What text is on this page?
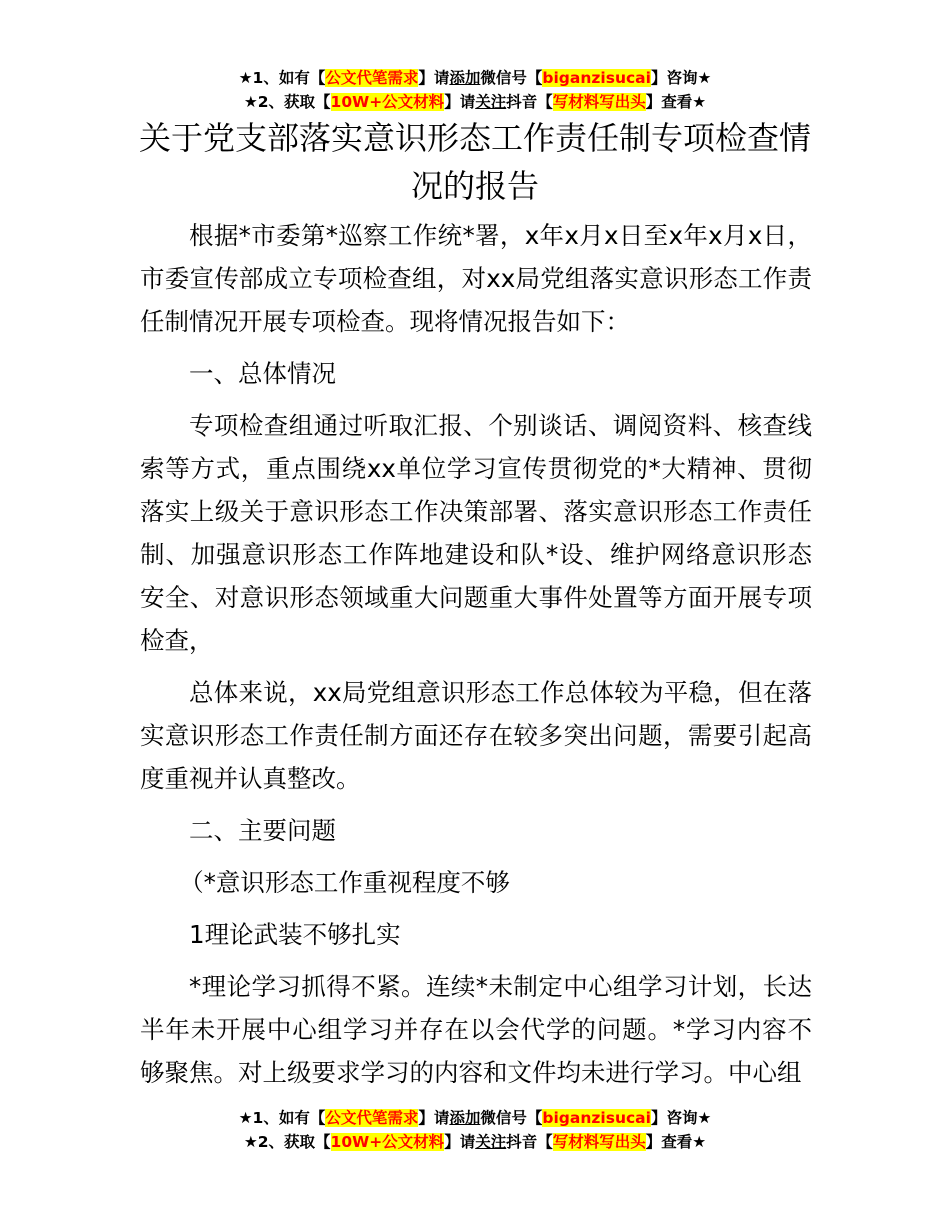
★1、如有【公文代笔需求】请添加微信号【biganzisucai】咨询★
★2、获取【10W+公文材料】请关注抖音【写材料写出头】查看★
关于党支部落实意识形态工作责任制专项检查情况的报告

根据*市委第*巡察工作统*署，x年x月x日至x年x月x日，市委宣传部成立专项检查组，对xx局党组落实意识形态工作责任制情况开展专项检查。现将情况报告如下：

一、总体情况

专项检查组通过听取汇报、个别谈话、调阅资料、核查线索等方式，重点围绕xx单位学习宣传贯彻党的*大精神、贯彻落实上级关于意识形态工作决策部署、落实意识形态工作责任制、加强意识形态工作阵地建设和队*设、维护网络意识形态安全、对意识形态领域重大问题重大事件处置等方面开展专项检查，

总体来说，xx局党组意识形态工作总体较为平稳，但在落实意识形态工作责任制方面还存在较多突出问题，需要引起高度重视并认真整改。

二、主要问题

（*意识形态工作重视程度不够

1理论武装不够扎实

*理论学习抓得不紧。连续*未制定中心组学习计划，长达半年未开展中心组学习并存在以会代学的问题。*学习内容不够聚焦。对上级要求学习的内容和文件均未进行学习。中心组

★1、如有【公文代笔需求】请添加微信号【biganzisucai】咨询★
★2、获取【10W+公文材料】请关注抖音【写材料写出头】查看★
